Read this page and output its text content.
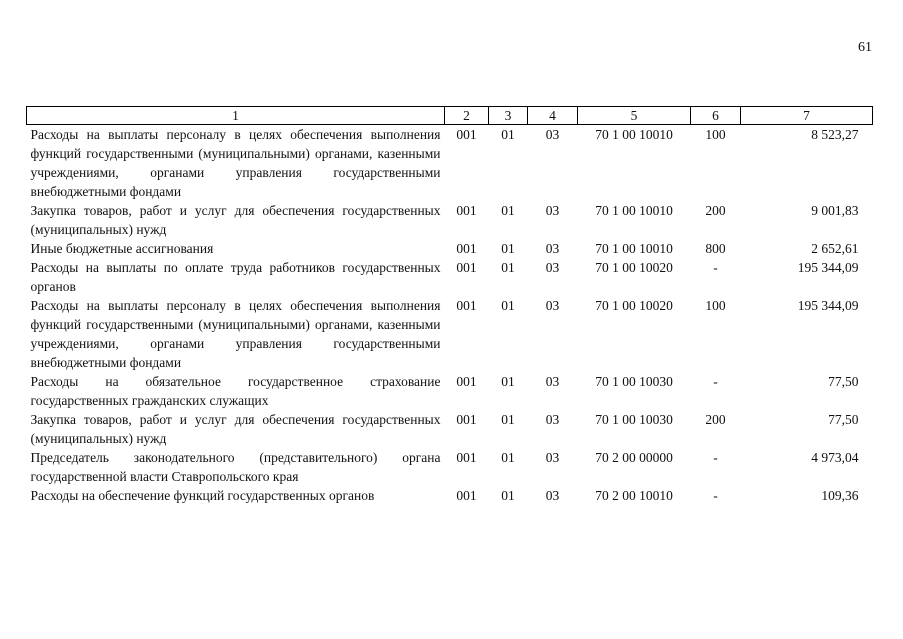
61
1	2	3	4	5	6	7
Расходы на выплаты персоналу в целях обеспечения выполнения функций государственными (муниципальными) органами, казенными учреждениями, органами управления государственными внебюджетными фондами	001	01	03	70 1 00 10010	100	8 523,27
Закупка товаров, работ и услуг для обеспечения государственных (муниципальных) нужд	001	01	03	70 1 00 10010	200	9 001,83
Иные бюджетные ассигнования	001	01	03	70 1 00 10010	800	2 652,61
Расходы на выплаты по оплате труда работников государственных органов	001	01	03	70 1 00 10020	-	195 344,09
Расходы на выплаты персоналу в целях обеспечения выполнения функций государственными (муниципальными) органами, казенными учреждениями, органами управления государственными внебюджетными фондами	001	01	03	70 1 00 10020	100	195 344,09
Расходы на обязательное государственное страхование государственных гражданских служащих	001	01	03	70 1 00 10030	-	77,50
Закупка товаров, работ и услуг для обеспечения государственных (муниципальных) нужд	001	01	03	70 1 00 10030	200	77,50
Председатель законодательного (представительного) органа государственной власти Ставропольского края	001	01	03	70 2 00 00000	-	4 973,04
Расходы на обеспечение функций государственных органов	001	01	03	70 2 00 10010	-	109,36
